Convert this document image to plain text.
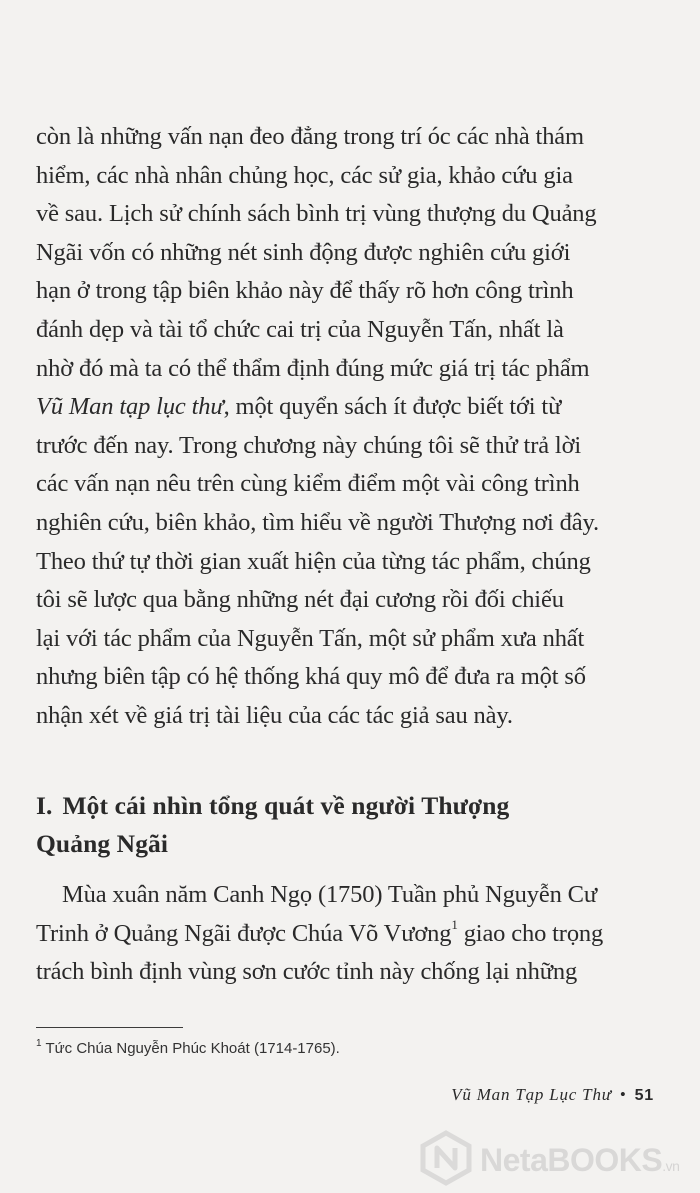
còn là những vấn nạn đeo đẳng trong trí óc các nhà thám
hiểm, các nhà nhân chủng học, các sử gia, khảo cứu gia
về sau. Lịch sử chính sách bình trị vùng thượng du Quảng
Ngãi vốn có những nét sinh động được nghiên cứu giới
hạn ở trong tập biên khảo này để thấy rõ hơn công trình
đánh dẹp và tài tổ chức cai trị của Nguyễn Tấn, nhất là
nhờ đó mà ta có thể thẩm định đúng mức giá trị tác phẩm
Vũ Man tạp lục thư, một quyển sách ít được biết tới từ
trước đến nay. Trong chương này chúng tôi sẽ thử trả lời
các vấn nạn nêu trên cùng kiểm điểm một vài công trình
nghiên cứu, biên khảo, tìm hiểu về người Thượng nơi đây.
Theo thứ tự thời gian xuất hiện của từng tác phẩm, chúng
tôi sẽ lược qua bằng những nét đại cương rồi đối chiếu
lại với tác phẩm của Nguyễn Tấn, một sử phẩm xưa nhất
nhưng biên tập có hệ thống khá quy mô để đưa ra một số
nhận xét về giá trị tài liệu của các tác giả sau này.
I. Một cái nhìn tổng quát về người Thượng
Quảng Ngãi
Mùa xuân năm Canh Ngọ (1750) Tuần phủ Nguyễn Cư
Trinh ở Quảng Ngãi được Chúa Võ Vương$^1$ giao cho trọng
trách bình định vùng sơn cước tỉnh này chống lại những
$^1$ Tức Chúa Nguyễn Phúc Khoát (1714-1765).
Vũ Man Tạp Lục Thư • 51
NetaBOOKS.vn
